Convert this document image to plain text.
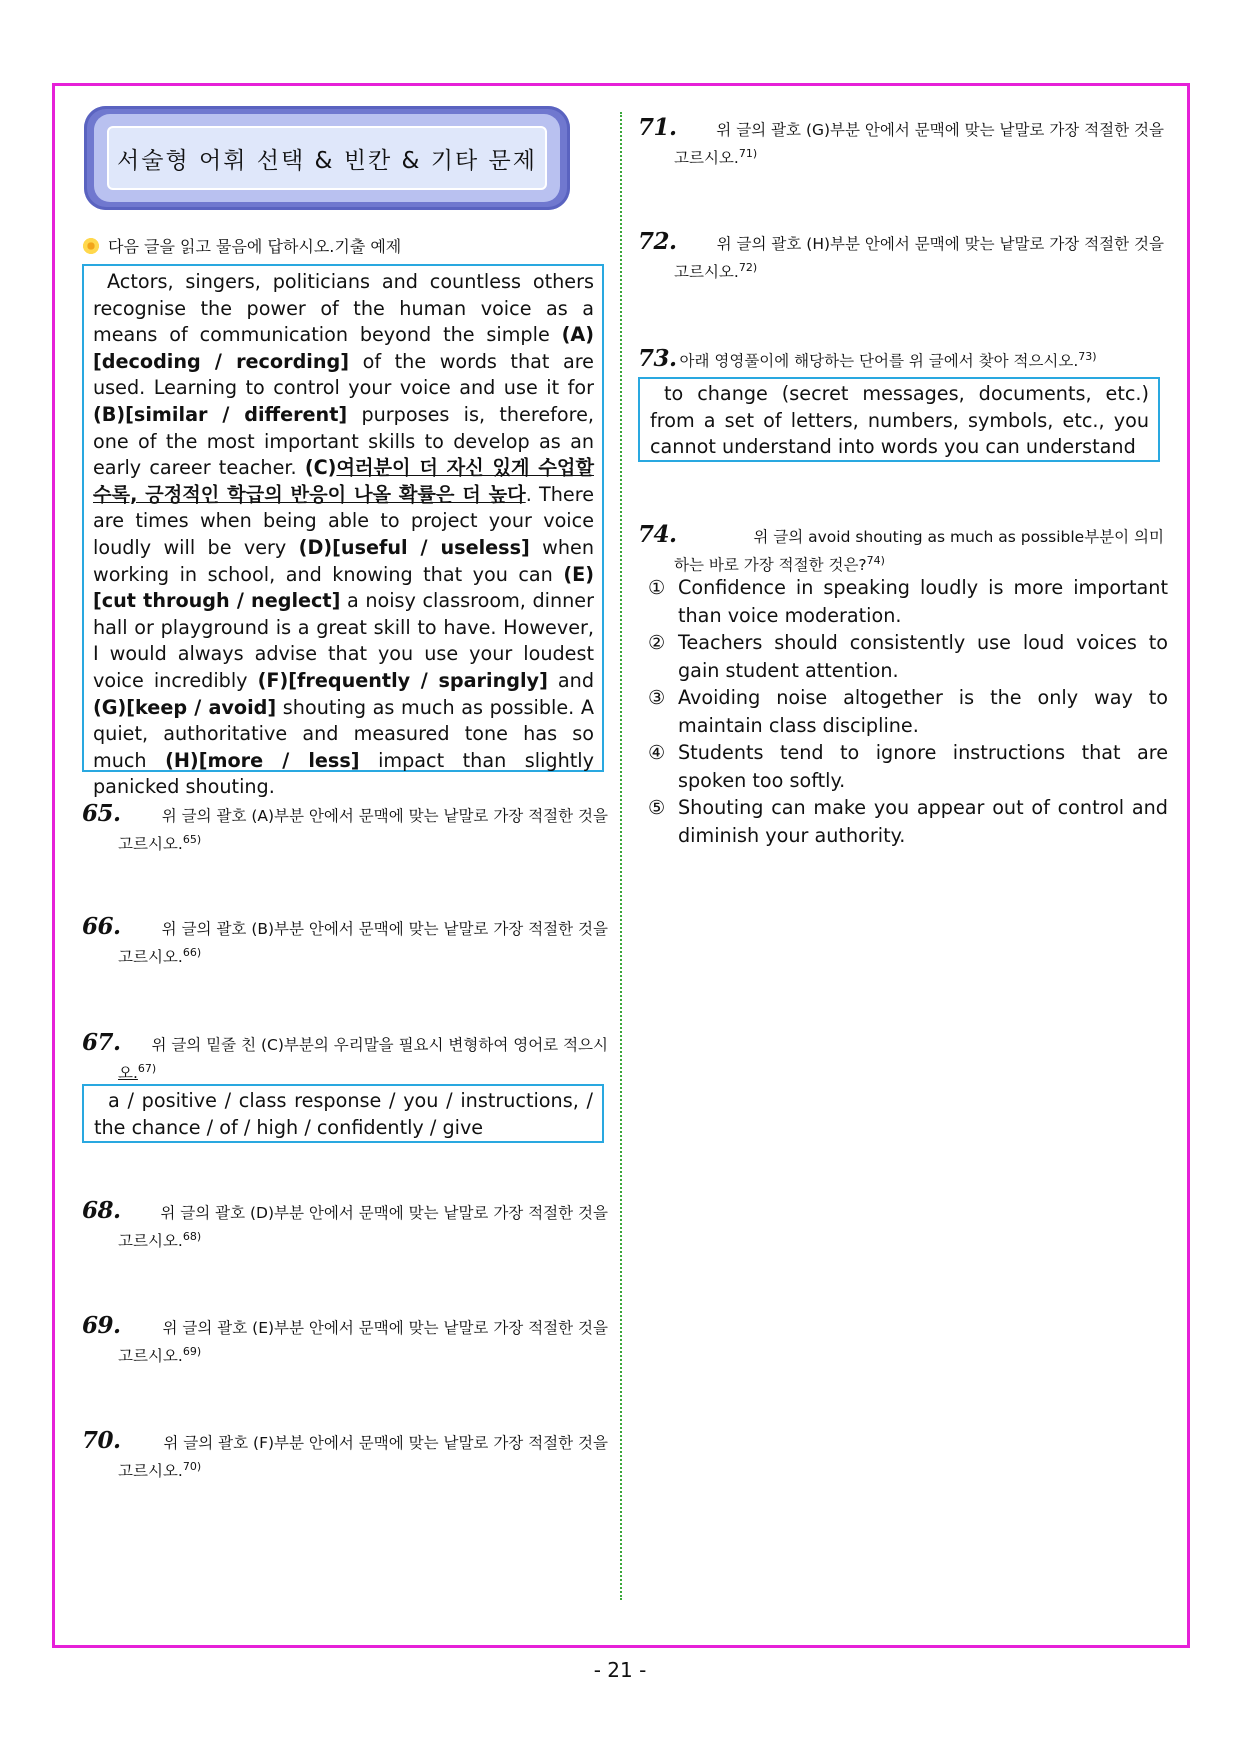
서술형 어휘 선택 & 빈칸 & 기타 문제
다음 글을 읽고 물음에 답하시오.기출 예제
Actors, singers, politicians and countless others recognise the power of the human voice as a means of communication beyond the simple (A)[decoding / recording] of the words that are used. Learning to control your voice and use it for (B)[similar / different] purposes is, therefore, one of the most important skills to develop as an early career teacher. (C)여러분이 더 자신 있게 수업할수록, 긍정적인 학급의 반응이 나올 확률은 더 높다. There are times when being able to project your voice loudly will be very (D)[useful / useless] when working in school, and knowing that you can (E)[cut through / neglect] a noisy classroom, dinner hall or playground is a great skill to have. However, I would always advise that you use your loudest voice incredibly (F)[frequently / sparingly] and (G)[keep / avoid] shouting as much as possible. A quiet, authoritative and measured tone has so much (H)[more / less] impact than slightly panicked shouting.
65.	위 글의 괄호 (A)부분 안에서 문맥에 맞는 낱말로 가장 적절한 것을
고르시오.$^{65)}$
66.	위 글의 괄호 (B)부분 안에서 문맥에 맞는 낱말로 가장 적절한 것을
고르시오.$^{66)}$
67. 위 글의 밑줄 친 (C)부분의 우리말을 필요시 변형하여 영어로 적으시
오.$^{67)}$
a / positive / class response / you / instructions, / the chance / of / high / confidently / give
68.	위 글의 괄호 (D)부분 안에서 문맥에 맞는 낱말로 가장 적절한 것을
고르시오.$^{68)}$
69.	위 글의 괄호 (E)부분 안에서 문맥에 맞는 낱말로 가장 적절한 것을
고르시오.$^{69)}$
70.	위 글의 괄호 (F)부분 안에서 문맥에 맞는 낱말로 가장 적절한 것을
고르시오.$^{70)}$
71.	위 글의 괄호 (G)부분 안에서 문맥에 맞는 낱말로 가장 적절한 것을
고르시오.$^{71)}$
72.	위 글의 괄호 (H)부분 안에서 문맥에 맞는 낱말로 가장 적절한 것을
고르시오.$^{72)}$
73. 아래 영영풀이에 해당하는 단어를 위 글에서 찾아 적으시오.$^{73)}$
to change (secret messages, documents, etc.) from a set of letters, numbers, symbols, etc., you cannot understand into words you can understand
74.	위 글의 avoid shouting as much as possible부분이 의미
하는 바로 가장 적절한 것은?$^{74)}$
① Confidence in speaking loudly is more important than voice moderation.
② Teachers should consistently use loud voices to gain student attention.
③ Avoiding noise altogether is the only way to maintain class discipline.
④ Students tend to ignore instructions that are spoken too softly.
⑤ Shouting can make you appear out of control and diminish your authority.
- 21 -
